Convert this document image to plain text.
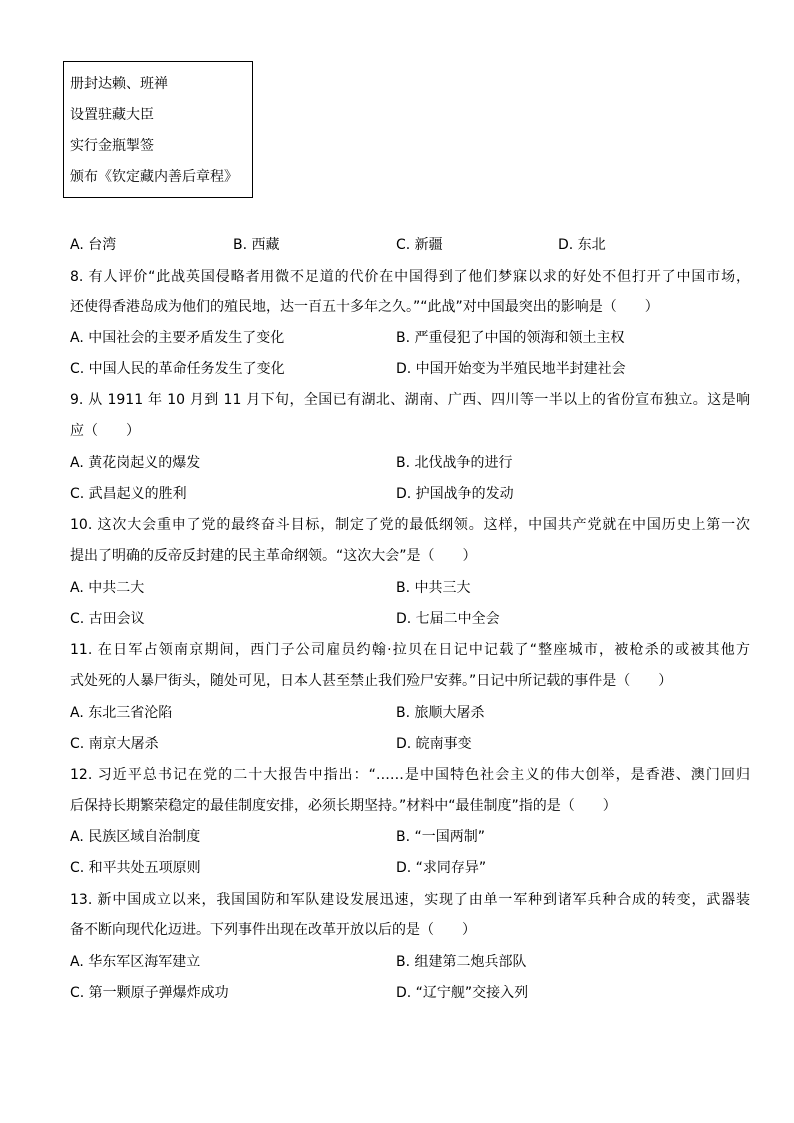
册封达赖、班禅
设置驻藏大臣
实行金瓶掣签
颁布《钦定藏内善后章程》
A. 台湾	B. 西藏	C. 新疆	D. 东北
8. 有人评价“此战英国侵略者用微不足道的代价在中国得到了他们梦寐以求的好处不但打开了中国市场，
还使得香港岛成为他们的殖民地，达一百五十多年之久。”“此战”对中国最突出的影响是（　　）
A. 中国社会的主要矛盾发生了变化	B. 严重侵犯了中国的领海和领土主权
C. 中国人民的革命任务发生了变化	D. 中国开始变为半殖民地半封建社会
9. 从 1911 年 10 月到 11 月下旬，全国已有湖北、湖南、广西、四川等一半以上的省份宣布独立。这是响
应（　　）
A. 黄花岗起义的爆发	B. 北伐战争的进行
C. 武昌起义的胜利	D. 护国战争的发动
10. 这次大会重申了党的最终奋斗目标，制定了党的最低纲领。这样，中国共产党就在中国历史上第一次
提出了明确的反帝反封建的民主革命纲领。“这次大会”是（　　）
A. 中共二大	B. 中共三大
C. 古田会议	D. 七届二中全会
11. 在日军占领南京期间，西门子公司雇员约翰·拉贝在日记中记载了“整座城市，被枪杀的或被其他方
式处死的人暴尸街头，随处可见，日本人甚至禁止我们殓尸安葬。”日记中所记载的事件是（　　）
A. 东北三省沦陷	B. 旅顺大屠杀
C. 南京大屠杀	D. 皖南事变
12. 习近平总书记在党的二十大报告中指出：“……是中国特色社会主义的伟大创举，是香港、澳门回归
后保持长期繁荣稳定的最佳制度安排，必须长期坚持。”材料中“最佳制度”指的是（　　）
A. 民族区域自治制度	B. “一国两制”
C. 和平共处五项原则	D. “求同存异”
13. 新中国成立以来，我国国防和军队建设发展迅速，实现了由单一军种到诸军兵种合成的转变，武器装
备不断向现代化迈进。下列事件出现在改革开放以后的是（　　）
A. 华东军区海军建立	B. 组建第二炮兵部队
C. 第一颗原子弹爆炸成功	D. “辽宁舰”交接入列
